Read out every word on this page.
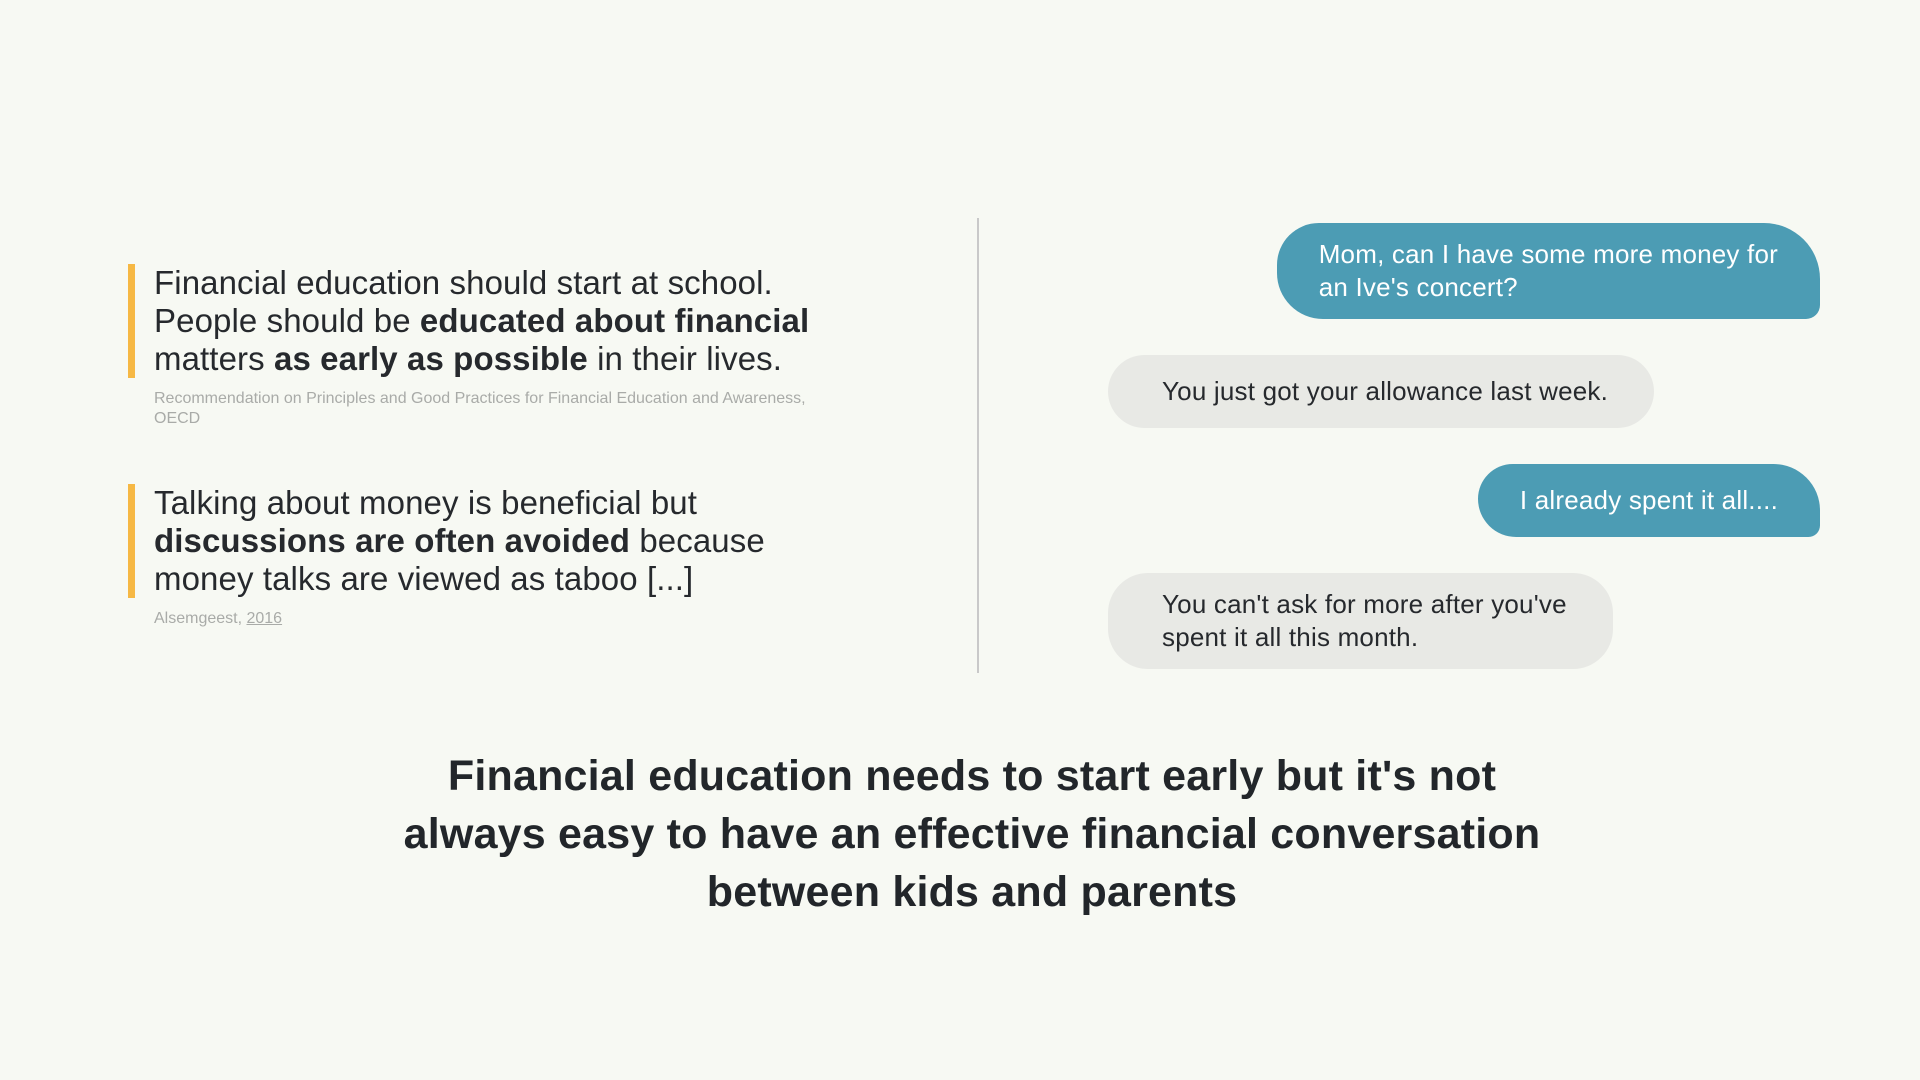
Financial education should start at school.
People should be educated about financial
matters as early as possible in their lives.
Recommendation on Principles and Good Practices for Financial Education and Awareness, OECD
Talking about money is beneficial but
discussions are often avoided because
money talks are viewed as taboo [...]
Alsemgeest, 2016
Mom, can I have some more money for
an Ive's concert?
You just got your allowance last week.
I already spent it all....
You can't ask for more after you've
spent it all this month.
Financial education needs to start early but it's not
always easy to have an effective financial conversation
between kids and parents
